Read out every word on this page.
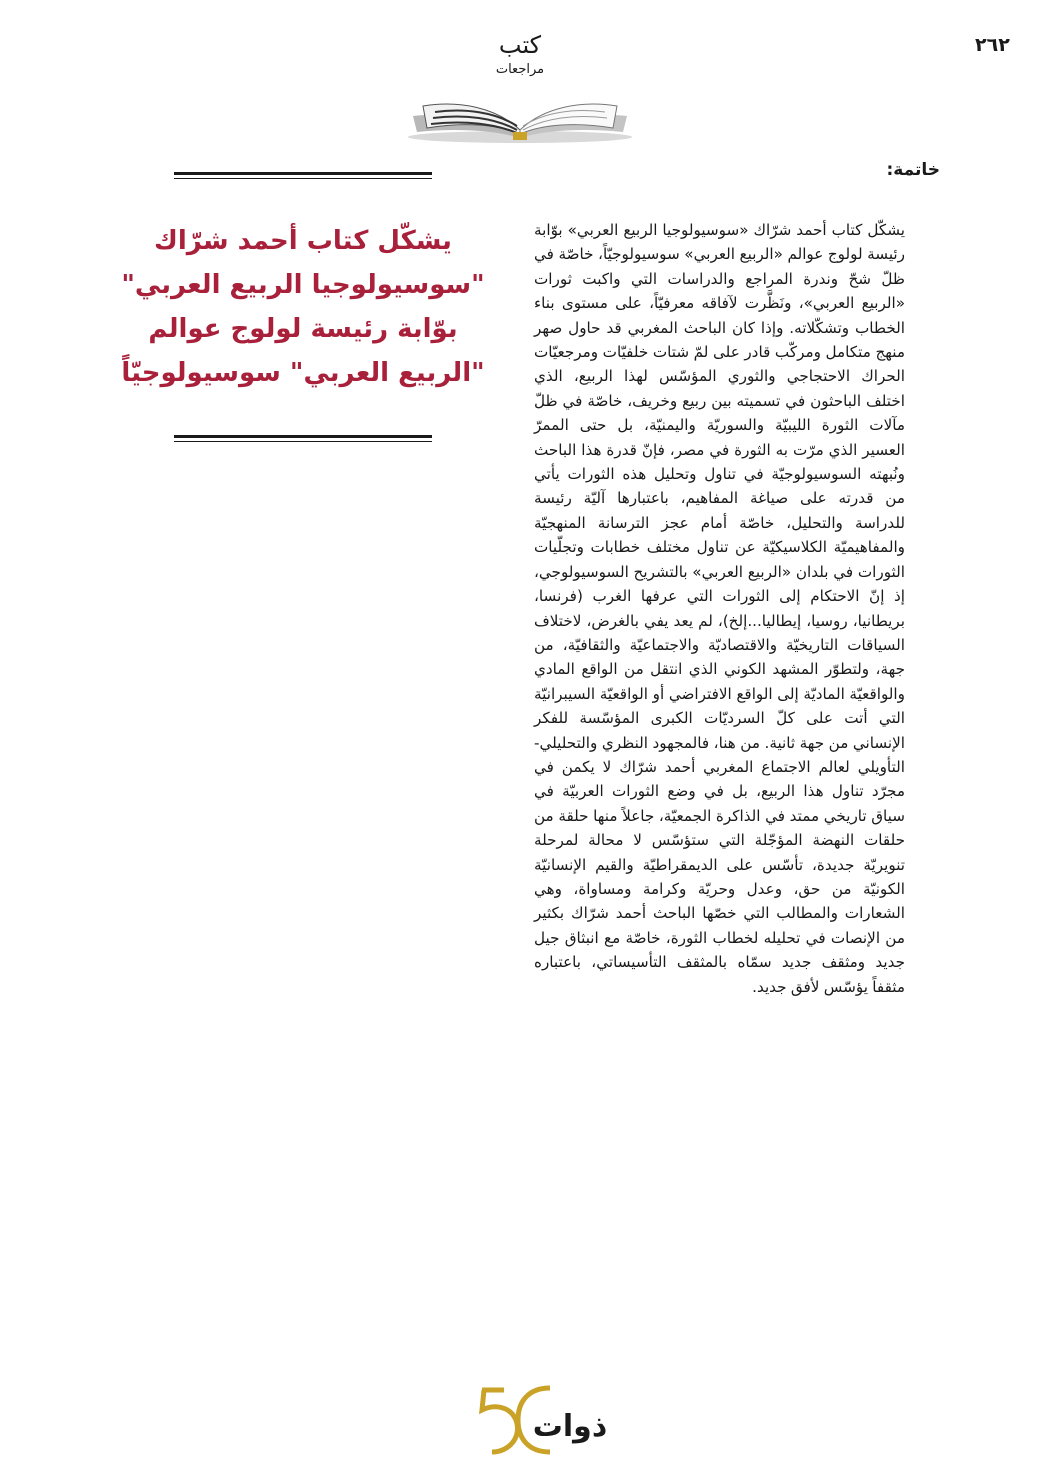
٢٦٢
كتب
مراجعات
خاتمة:
يشكّل كتاب أحمد شرّاك «سوسيولوجيا الربيع العربي» بوّابة رئيسة لولوج عوالم «الربيع العربي» سوسيولوجيّاً، خاصّة في ظلّ شحّ وندرة المراجع والدراسات التي واكبت ثورات «الربيع العربي»، ونَظَّرت لآفاقه معرفيّاً، على مستوى بناء الخطاب وتشكّلاته. وإذا كان الباحث المغربي قد حاول صهر منهج متكامل ومركّب قادر على لمّ شتات خلفيّات ومرجعيّات الحراك الاحتجاجي والثوري المؤسّس لهذا الربيع، الذي اختلف الباحثون في تسميته بين ربيع وخريف، خاصّة في ظلّ مآلات الثورة الليبيّة والسوريّة واليمنيّة، بل حتى الممرّ العسير الذي مرّت به الثورة في مصر، فإنّ قدرة هذا الباحث ونُبهته السوسيولوجيّة في تناول وتحليل هذه الثورات يأتي من قدرته على صياغة المفاهيم، باعتبارها آليّة رئيسة للدراسة والتحليل، خاصّة أمام عجز الترسانة المنهجيّة والمفاهيميّة الكلاسيكيّة عن تناول مختلف خطابات وتجلّيات الثورات في بلدان «الربيع العربي» بالتشريح السوسيولوجي، إذ إنّ الاحتكام إلى الثورات التي عرفها الغرب (فرنسا، بريطانيا، روسيا، إيطاليا...إلخ)، لم يعد يفي بالغرض، لاختلاف السياقات التاريخيّة والاقتصاديّة والاجتماعيّة والثقافيّة، من جهة، ولتطوّر المشهد الكوني الذي انتقل من الواقع المادي والواقعيّة الماديّة إلى الواقع الافتراضي أو الواقعيّة السيبرانيّة التي أتت على كلّ السرديّات الكبرى المؤسّسة للفكر الإنساني من جهة ثانية. من هنا، فالمجهود النظري والتحليلي- التأويلي لعالم الاجتماع المغربي أحمد شرّاك لا يكمن في مجرّد تناول هذا الربيع، بل في وضع الثورات العربيّة في سياق تاريخي ممتد في الذاكرة الجمعيّة، جاعلاً منها حلقة من حلقات النهضة المؤجّلة التي ستؤسّس لا محالة لمرحلة تنويريّة جديدة، تأسّس على الديمقراطيّة والقيم الإنسانيّة الكونيّة من حق، وعدل وحريّة وكرامة ومساواة، وهي الشعارات والمطالب التي خصّها الباحث أحمد شرّاك بكثير من الإنصات في تحليله لخطاب الثورة، خاصّة مع انبثاق جيل جديد ومثقف جديد سمّاه بالمثقف التأسيساتي، باعتباره مثقفاً يؤسّس لأفق جديد.
يشكّل كتاب أحمد شرّاك "سوسيولوجيا الربيع العربي" بوّابة رئيسة لولوج عوالم "الربيع العربي" سوسيولوجيّاً
ذوات
